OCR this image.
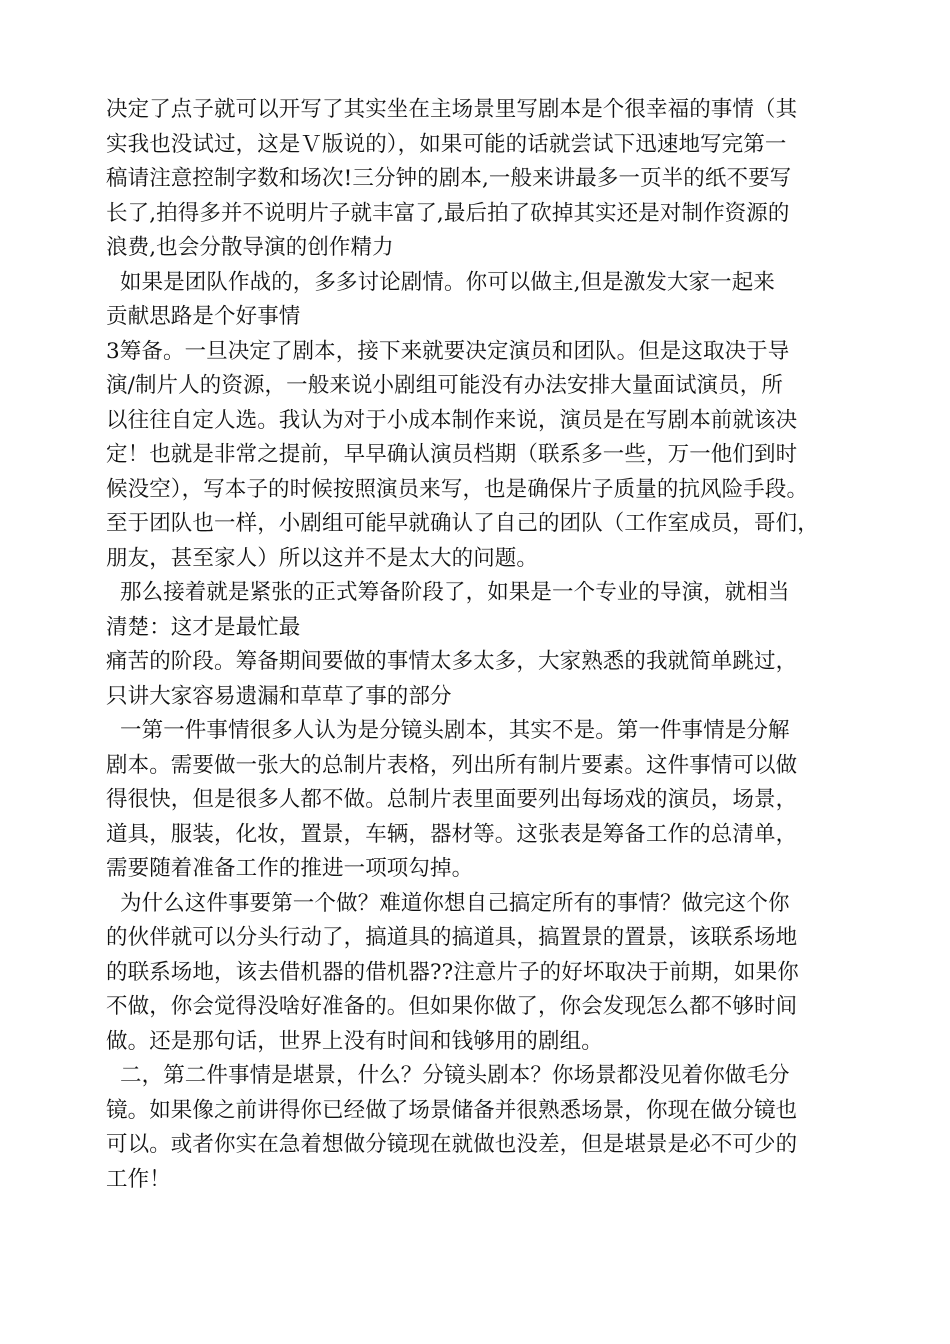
决定了点子就可以开写了其实坐在主场景里写剧本是个很幸福的事情（其
实我也没试过，这是Ｖ版说的），如果可能的话就尝试下迅速地写完第一
稿请注意控制字数和场次!三分钟的剧本,一般来讲最多一页半的纸不要写
长了,拍得多并不说明片子就丰富了,最后拍了砍掉其实还是对制作资源的
浪费,也会分散导演的创作精力
如果是团队作战的，多多讨论剧情。你可以做主,但是激发大家一起来
贡献思路是个好事情
3筹备。一旦决定了剧本，接下来就要决定演员和团队。但是这取决于导
演/制片人的资源，一般来说小剧组可能没有办法安排大量面试演员，所
以往往自定人选。我认为对于小成本制作来说，演员是在写剧本前就该决
定！也就是非常之提前，早早确认演员档期（联系多一些，万一他们到时
候没空），写本子的时候按照演员来写，也是确保片子质量的抗风险手段。
至于团队也一样，小剧组可能早就确认了自己的团队（工作室成员，哥们，
朋友，甚至家人）所以这并不是太大的问题。
那么接着就是紧张的正式筹备阶段了，如果是一个专业的导演，就相当
清楚：这才是最忙最
痛苦的阶段。筹备期间要做的事情太多太多，大家熟悉的我就简单跳过，
只讲大家容易遗漏和草草了事的部分
一第一件事情很多人认为是分镜头剧本，其实不是。第一件事情是分解
剧本。需要做一张大的总制片表格，列出所有制片要素。这件事情可以做
得很快，但是很多人都不做。总制片表里面要列出每场戏的演员，场景，
道具，服装，化妆，置景，车辆，器材等。这张表是筹备工作的总清单，
需要随着准备工作的推进一项项勾掉。
为什么这件事要第一个做？难道你想自己搞定所有的事情？做完这个你
的伙伴就可以分头行动了，搞道具的搞道具，搞置景的置景，该联系场地
的联系场地，该去借机器的借机器??注意片子的好坏取决于前期，如果你
不做，你会觉得没啥好准备的。但如果你做了，你会发现怎么都不够时间
做。还是那句话，世界上没有时间和钱够用的剧组。
二，第二件事情是堪景，什么？分镜头剧本？你场景都没见着你做毛分
镜。如果像之前讲得你已经做了场景储备并很熟悉场景，你现在做分镜也
可以。或者你实在急着想做分镜现在就做也没差，但是堪景是必不可少的
工作！
